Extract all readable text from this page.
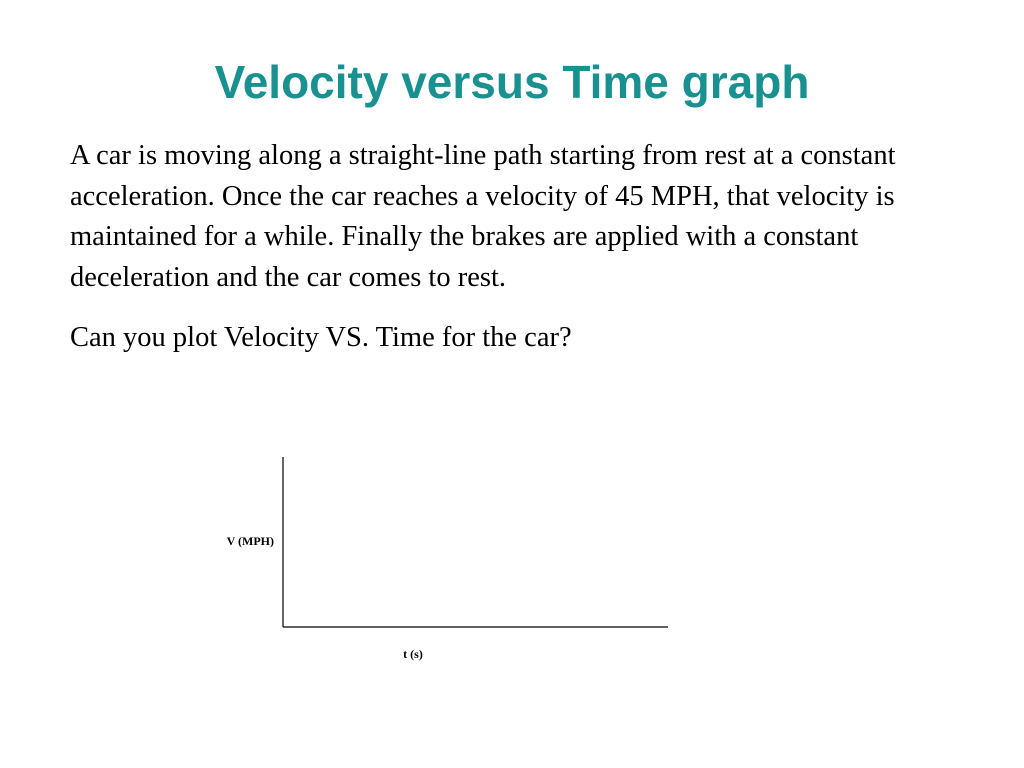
Velocity versus Time graph

A car is moving along a straight-line path starting from rest at a constant acceleration. Once the car reaches a velocity of 45 MPH, that velocity is maintained for a while. Finally the brakes are applied with a constant deceleration and the car comes to rest.

Can you plot Velocity VS. Time for the car?

V (MPH)
t (s)
